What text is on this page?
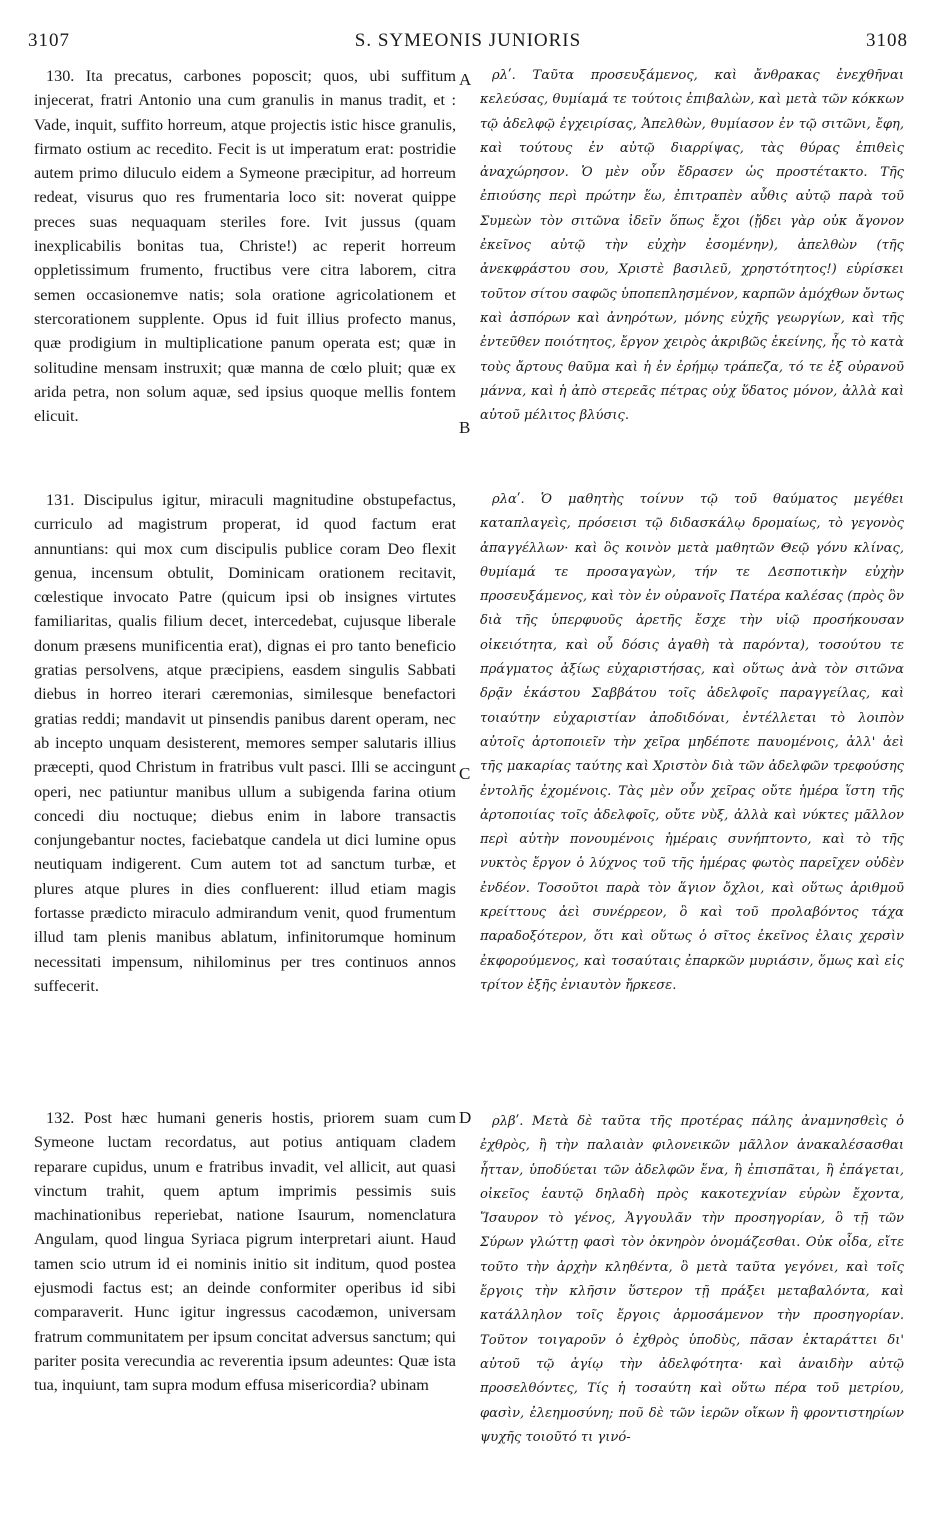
3107	S. SYMEONIS JUNIORIS	3108

130. Ita precatus, carbones poposcit; quos, ubi suffitum injecerat, fratri Antonio una cum granulis in manus tradit, et : Vade, inquit, suffito horreum, atque projectis istic hisce granulis, firmato ostium ac recedito. Fecit is ut imperatum erat: postridie autem primo diluculo eidem a Symeone præcipitur, ad horreum redeat, visurus quo res frumentaria loco sit: noverat quippe preces suas nequaquam steriles fore. Ivit jussus (quam inexplicabilis bonitas tua, Christe!) ac reperit horreum oppletissimum frumento, fructibus vere citra laborem, citra semen occasionemve natis; sola oratione agricolationem et stercorationem supplente. Opus id fuit illius profecto manus, quæ prodigium in multiplicatione panum operata est; quæ in solitudine mensam instruxit; quæ manna de cœlo pluit; quæ ex arida petra, non solum aquæ, sed ipsius quoque mellis fontem elicuit.

131. Discipulus igitur, miraculi magnitudine obstupefactus, curriculo ad magistrum properat, id quod factum erat annuntians: qui mox cum discipulis publice coram Deo flexit genua, incensum obtulit, Dominicam orationem recitavit, cœlestique invocato Patre (quicum ipsi ob insignes virtutes familiaritas, qualis filium decet, intercedebat, cujusque liberale donum præsens munificentia erat), dignas ei pro tanto beneficio gratias persolvens, atque præcipiens, easdem singulis Sabbati diebus in horreo iterari cæremonias, similesque benefactori gratias reddi; mandavit ut pinsendis panibus darent operam, nec ab incepto unquam desisterent, memores semper salutaris illius præcepti, quod Christum in fratribus vult pasci. Illi se accingunt operi, nec patiuntur manibus ullum a subigenda farina otium concedi diu noctuque; diebus enim in labore transactis conjungebantur noctes, faciebatque candela ut dici lumine opus neutiquam indigerent. Cum autem tot ad sanctum turbæ, et plures atque plures in dies confluerent: illud etiam magis fortasse prædicto miraculo admirandum venit, quod frumentum illud tam plenis manibus ablatum, infinitorumque hominum necessitati impensum, nihilominus per tres continuos annos suffecerit.

132. Post hæc humani generis hostis, priorem suam cum Symeone luctam recordatus, aut potius antiquam cladem reparare cupidus, unum e fratribus invadit, vel allicit, aut quasi vinctum trahit, quem aptum imprimis pessimis suis machinationibus reperiebat, natione Isaurum, nomenclatura Angulam, quod lingua Syriaca pigrum interpretari aiunt. Haud tamen scio utrum id ei nominis initio sit inditum, quod postea ejusmodi factus est; an deinde conformiter operibus id sibi comparaverit. Hunc igitur ingressus cacodæmon, universam fratrum communitatem per ipsum concitat adversus sanctum; qui pariter posita verecundia ac reverentia ipsum adeuntes: Quæ ista tua, inquiunt, tam supra modum effusa misericordia? ubinam

ρλʹ. Ταῦτα προσευξάμενος, καὶ ἄνθρακας ἐνεχθῆναι κελεύσας, θυμίαμά τε τούτοις ἐπιβαλὼν, καὶ μετὰ τῶν κόκκων τῷ ἀδελφῷ ἐγχειρίσας, Ἀπελθὼν, θυμίασον ἐν τῷ σιτῶνι, ἔφη, καὶ τούτους ἐν αὐτῷ διαρρίψας, τὰς θύρας ἐπιθεὶς ἀναχώρησον. Ὁ μὲν οὖν ἔδρασεν ὡς προστέτακτο. Τῆς ἐπιούσης περὶ πρώτην ἕω, ἐπιτραπὲν αὖθις αὐτῷ παρὰ τοῦ Συμεὼν τὸν σιτῶνα ἰδεῖν ὅπως ἔχοι (ᾔδει γὰρ οὐκ ἄγονον ἐκεῖνος αὐτῷ τὴν εὐχὴν ἐσομένην), ἀπελθὼν (τῆς ἀνεκφράστου σου, Χριστὲ βασιλεῦ, χρηστότητος!) εὑρίσκει τοῦτον σίτου σαφῶς ὑποπεπλησμένον, καρπῶν ἀμόχθων ὄντως καὶ ἀσπόρων καὶ ἀνηρότων, μόνης εὐχῆς γεωργίων, καὶ τῆς ἐντεῦθεν ποιότητος, ἔργον χειρὸς ἀκριβῶς ἐκείνης, ἧς τὸ κατὰ τοὺς ἄρτους θαῦμα καὶ ἡ ἐν ἐρήμῳ τράπεζα, τό τε ἐξ οὐρανοῦ μάννα, καὶ ἡ ἀπὸ στερεᾶς πέτρας οὐχ ὕδατος μόνον, ἀλλὰ καὶ αὐτοῦ μέλιτος βλύσις.

ρλαʹ. Ὁ μαθητὴς τοίνυν τῷ τοῦ θαύματος μεγέθει καταπλαγεὶς, πρόσεισι τῷ διδασκάλῳ δρομαίως, τὸ γεγονὸς ἀπαγγέλλων· καὶ ὃς κοινὸν μετὰ μαθητῶν Θεῷ γόνυ κλίνας, θυμίαμά τε προσαγαγὼν, τήν τε Δεσποτικὴν εὐχὴν προσευξάμενος, καὶ τὸν ἐν οὐρανοῖς Πατέρα καλέσας (πρὸς ὃν διὰ τῆς ὑπερφυοῦς ἀρετῆς ἔσχε τὴν υἱῷ προσήκουσαν οἰκειότητα, καὶ οὗ δόσις ἀγαθὴ τὰ παρόντα), τοσούτου τε πράγματος ἀξίως εὐχαριστήσας, καὶ οὕτως ἀνὰ τὸν σιτῶνα δρᾷν ἑκάστου Σαββάτου τοῖς ἀδελφοῖς παραγγείλας, καὶ τοιαύτην εὐχαριστίαν ἀποδιδόναι, ἐντέλλεται τὸ λοιπὸν αὐτοῖς ἀρτοποιεῖν τὴν χεῖρα μηδέποτε παυομένοις, ἀλλ' ἀεὶ τῆς μακαρίας ταύτης καὶ Χριστὸν διὰ τῶν ἀδελφῶν τρεφούσης ἐντολῆς ἐχομένοις. Τὰς μὲν οὖν χεῖρας οὔτε ἡμέρα ἵστη τῆς ἀρτοποιίας τοῖς ἀδελφοῖς, οὔτε νὺξ, ἀλλὰ καὶ νύκτες μᾶλλον περὶ αὐτὴν πονουμένοις ἡμέραις συνήπτοντο, καὶ τὸ τῆς νυκτὸς ἔργον ὁ λύχνος τοῦ τῆς ἡμέρας φωτὸς παρεῖχεν οὐδὲν ἐνδέον. Τοσοῦτοι παρὰ τὸν ἅγιον ὄχλοι, καὶ οὕτως ἀριθμοῦ κρείττους ἀεὶ συνέρρεον, ὃ καὶ τοῦ προλαβόντος τάχα παραδοξότερον, ὅτι καὶ οὕτως ὁ σῖτος ἐκεῖνος ἐλαις χερσὶν ἐκφορούμενος, καὶ τοσαύταις ἐπαρκῶν μυριάσιν, ὅμως καὶ εἰς τρίτον ἑξῆς ἐνιαυτὸν ἤρκεσε.

ρλβʹ. Μετὰ δὲ ταῦτα τῆς προτέρας πάλης ἀναμνησθεὶς ὁ ἐχθρὸς, ἢ τὴν παλαιὰν φιλονεικῶν μᾶλλον ἀνακαλέσασθαι ἧτταν, ὑποδύεται τῶν ἀδελφῶν ἕνα, ἢ ἐπισπᾶται, ἢ ἐπάγεται, οἰκεῖος ἑαυτῷ δηλαδὴ πρὸς κακοτεχνίαν εὑρὼν ἔχοντα, Ἴσαυρον τὸ γένος, Ἀγγουλᾶν τὴν προσηγορίαν, ὃ τῇ τῶν Σύρων γλώττῃ φασὶ τὸν ὀκνηρὸν ὀνομάζεσθαι. Οὐκ οἶδα, εἴτε τοῦτο τὴν ἀρχὴν κληθέντα, ὃ μετὰ ταῦτα γεγόνει, καὶ τοῖς ἔργοις τὴν κλῆσιν ὕστερον τῇ πράξει μεταβαλόντα, καὶ κατάλληλον τοῖς ἔργοις ἁρμοσάμενον τὴν προσηγορίαν. Τοῦτον τοιγαροῦν ὁ ἐχθρὸς ὑποδὺς, πᾶσαν ἐκταράττει δι' αὐτοῦ τῷ ἁγίῳ τὴν ἀδελφότητα· καὶ ἀναιδὴν αὐτῷ προσελθόντες, Τίς ἡ τοσαύτη καὶ οὕτω πέρα τοῦ μετρίου, φασὶν, ἐλεημοσύνη; ποῦ δὲ τῶν ἱερῶν οἴκων ἢ φροντιστηρίων ψυχῆς τοιοῦτό τι γινό-

A
B
C
D
